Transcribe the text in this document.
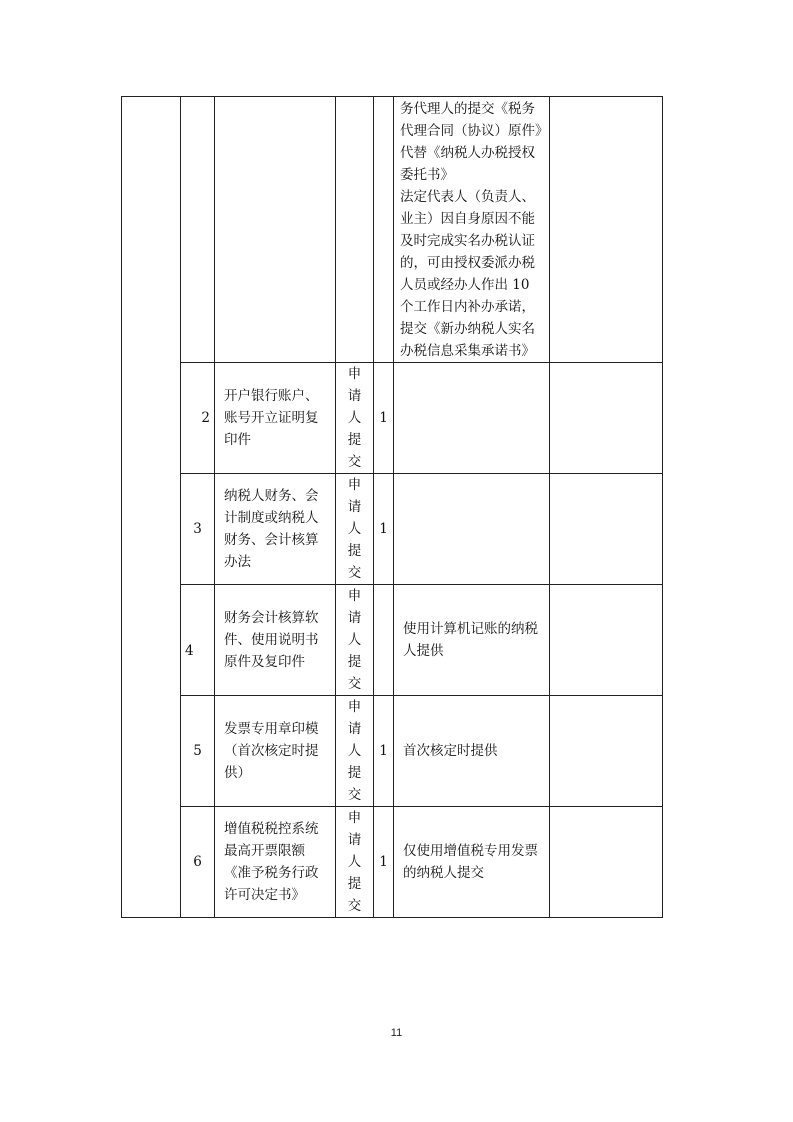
					务代理人的提交《税务代理合同（协议）原件》代替《纳税人办税授权委托书》
法定代表人（负责人、业主）因自身原因不能及时完成实名办税认证的，可由授权委派办税人员或经办人作出 10 个工作日内补办承诺，提交《新办纳税人实名办税信息采集承诺书》	

	2	开户银行账户、账号开立证明复印件	申请人提交	1	

	3	纳税人财务、会计制度或纳税人财务、会计核算办法	申请人提交	1	

	4	财务会计核算软件、使用说明书原件及复印件	申请人提交		使用计算机记账的纳税人提供	

	5	发票专用章印模（首次核定时提供）	申请人提交	1	首次核定时提供	

	6	增值税税控系统最高开票限额《准予税务行政许可决定书》	申请人提交	1	仅使用增值税专用发票的纳税人提交	

11
